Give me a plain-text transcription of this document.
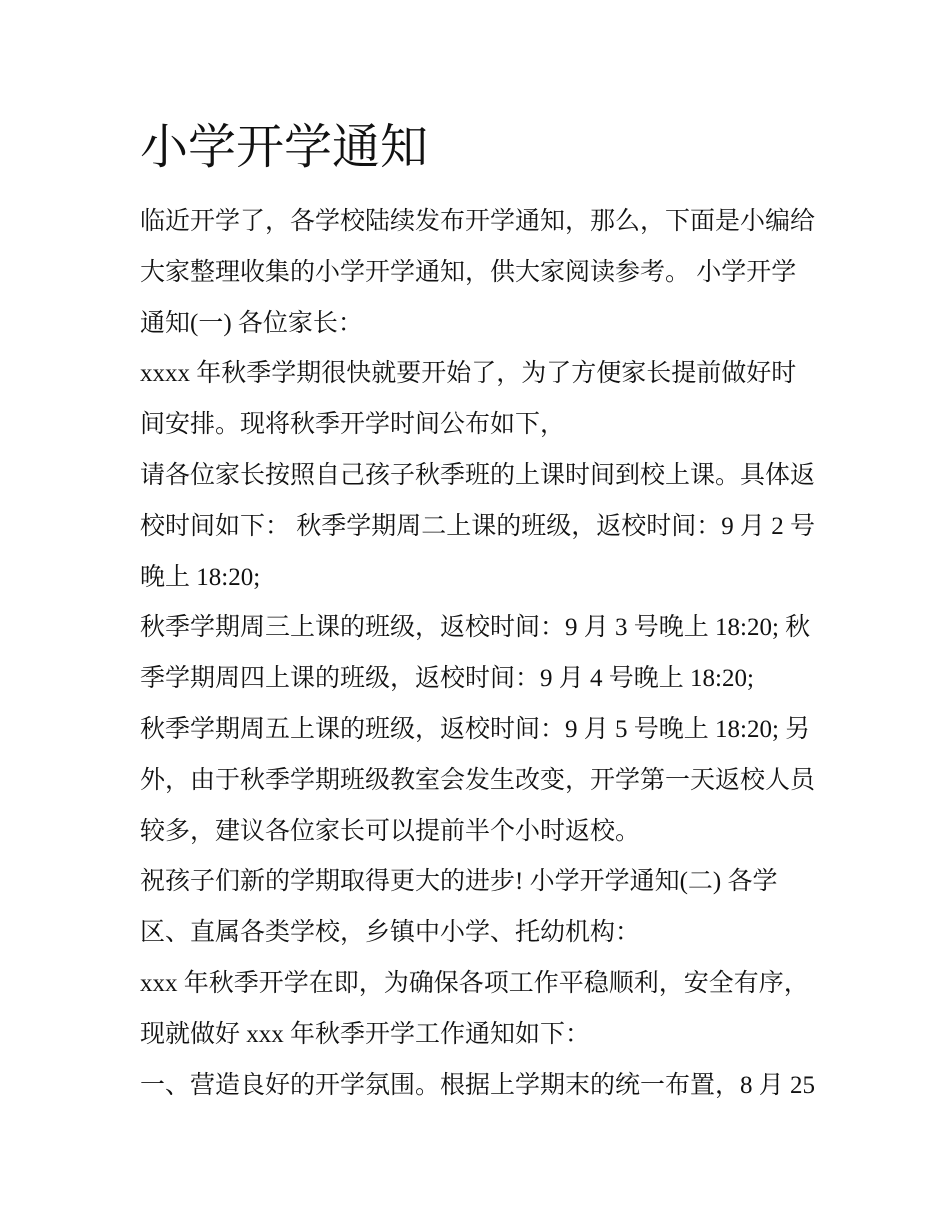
小学开学通知
临近开学了，各学校陆续发布开学通知，那么，下面是小编给
大家整理收集的小学开学通知，供大家阅读参考。 小学开学
通知(一) 各位家长：
xxxx 年秋季学期很快就要开始了，为了方便家长提前做好时
间安排。现将秋季开学时间公布如下，
请各位家长按照自己孩子秋季班的上课时间到校上课。具体返
校时间如下： 秋季学期周二上课的班级，返校时间：9 月 2 号
晚上 18:20;
秋季学期周三上课的班级，返校时间：9 月 3 号晚上 18:20; 秋
季学期周四上课的班级，返校时间：9 月 4 号晚上 18:20;
秋季学期周五上课的班级，返校时间：9 月 5 号晚上 18:20; 另
外，由于秋季学期班级教室会发生改变，开学第一天返校人员
较多，建议各位家长可以提前半个小时返校。
祝孩子们新的学期取得更大的进步! 小学开学通知(二) 各学
区、直属各类学校，乡镇中小学、托幼机构：
xxx 年秋季开学在即，为确保各项工作平稳顺利，安全有序，
现就做好 xxx 年秋季开学工作通知如下：
一、营造良好的开学氛围。根据上学期末的统一布置，8 月 25
